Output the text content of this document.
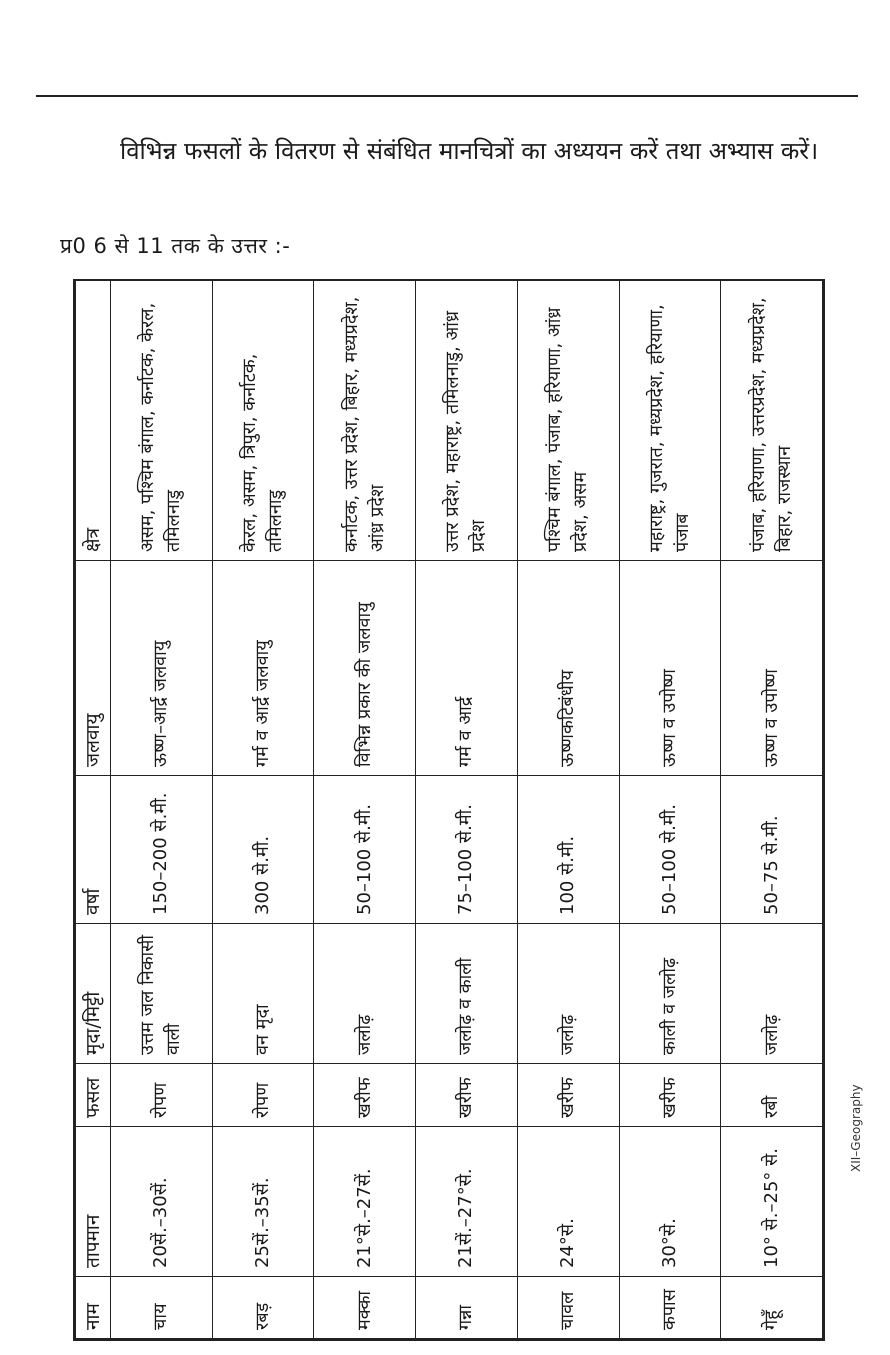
विभिन्न फसलों के वितरण से संबंधित मानचित्रों का अध्ययन करें तथा अभ्यास करें।
प्र0 6 से 11 तक के उत्तर :-
नाम	तापमान	फसल	मृदा/मिट्टी	वर्षा	जलवायु	क्षेत्र
चाय	20सें.–30सें.	रोपण	उत्तम जल निकासी वाली	150–200 से.मी.	ऊष्ण–आर्द्र जलवायु	असम, पश्चिम बंगाल, कर्नाटक, केरल, तमिलनाडु
रबड़	25सें.–35सें.	रोपण	वन मृदा	300 से.मी.	गर्म व आर्द्र जलवायु	केरल, असम, त्रिपुरा, कर्नाटक, तमिलनाडु
मक्का	21°से.–27सें.	खरीफ	जलोढ़	50–100 से.मी.	विभिन्न प्रकार की जलवायु	कर्नाटक, उत्तर प्रदेश, बिहार, मध्यप्रदेश, आंध्र प्रदेश
गन्ना	21सें.–27°से.	खरीफ	जलोढ़ व काली	75–100 से.मी.	गर्म व आर्द्र	उत्तर प्रदेश, महाराष्ट्र, तमिलनाडु, आंध्र प्रदेश
चावल	24°से.	खरीफ	जलोढ़	100 से.मी.	ऊष्णकटिबंधीय	पश्चिम बंगाल, पंजाब, हरियाणा, आंध्र प्रदेश, असम
कपास	30°से.	खरीफ	काली व जलोढ़	50–100 से.मी.	ऊष्ण व उपोष्ण	महाराष्ट्र, गुजरात, मध्यप्रदेश, हरियाणा, पंजाब
गेहूँ	10° से.–25° से.	रबी	जलोढ़	50–75 से.मी.	ऊष्ण व उपोष्ण	पंजाब, हरियाणा, उत्तरप्रदेश, मध्यप्रदेश, बिहार, राजस्थान
XII–Geography
